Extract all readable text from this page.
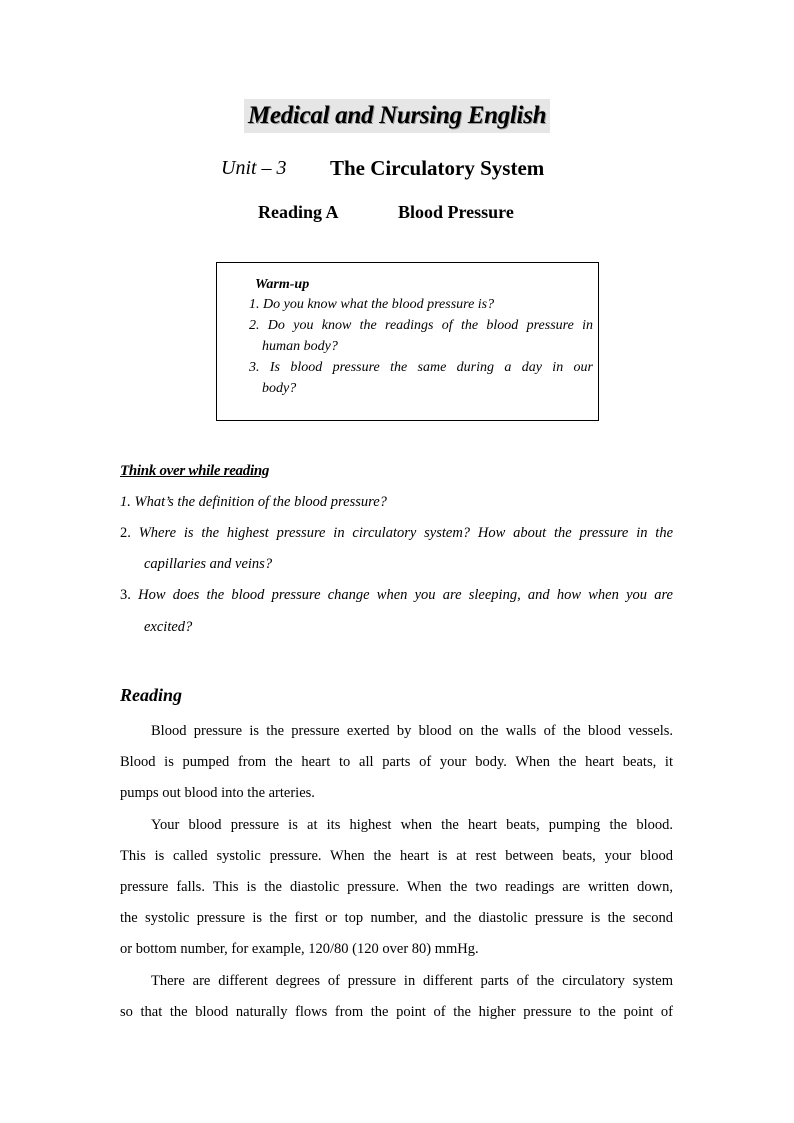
Medical and Nursing English
Unit – 3 The Circulatory System
Reading A	Blood Pressure
Warm-up
1. Do you know what the blood pressure is?
2. Do you know the readings of the blood pressure in
human body?
3. Is blood pressure the same during a day in our
body?
Think over while reading
1. What’s the definition of the blood pressure?
2. Where is the highest pressure in circulatory system? How about the pressure in the
capillaries and veins?
3. How does the blood pressure change when you are sleeping, and how when you are
excited?
Reading
Blood pressure is the pressure exerted by blood on the walls of the blood vessels.
Blood is pumped from the heart to all parts of your body. When the heart beats, it
pumps out blood into the arteries.
Your blood pressure is at its highest when the heart beats, pumping the blood.
This is called systolic pressure. When the heart is at rest between beats, your blood
pressure falls. This is the diastolic pressure. When the two readings are written down,
the systolic pressure is the first or top number, and the diastolic pressure is the second
or bottom number, for example, 120/80 (120 over 80) mmHg.
There are different degrees of pressure in different parts of the circulatory system
so that the blood naturally flows from the point of the higher pressure to the point of
